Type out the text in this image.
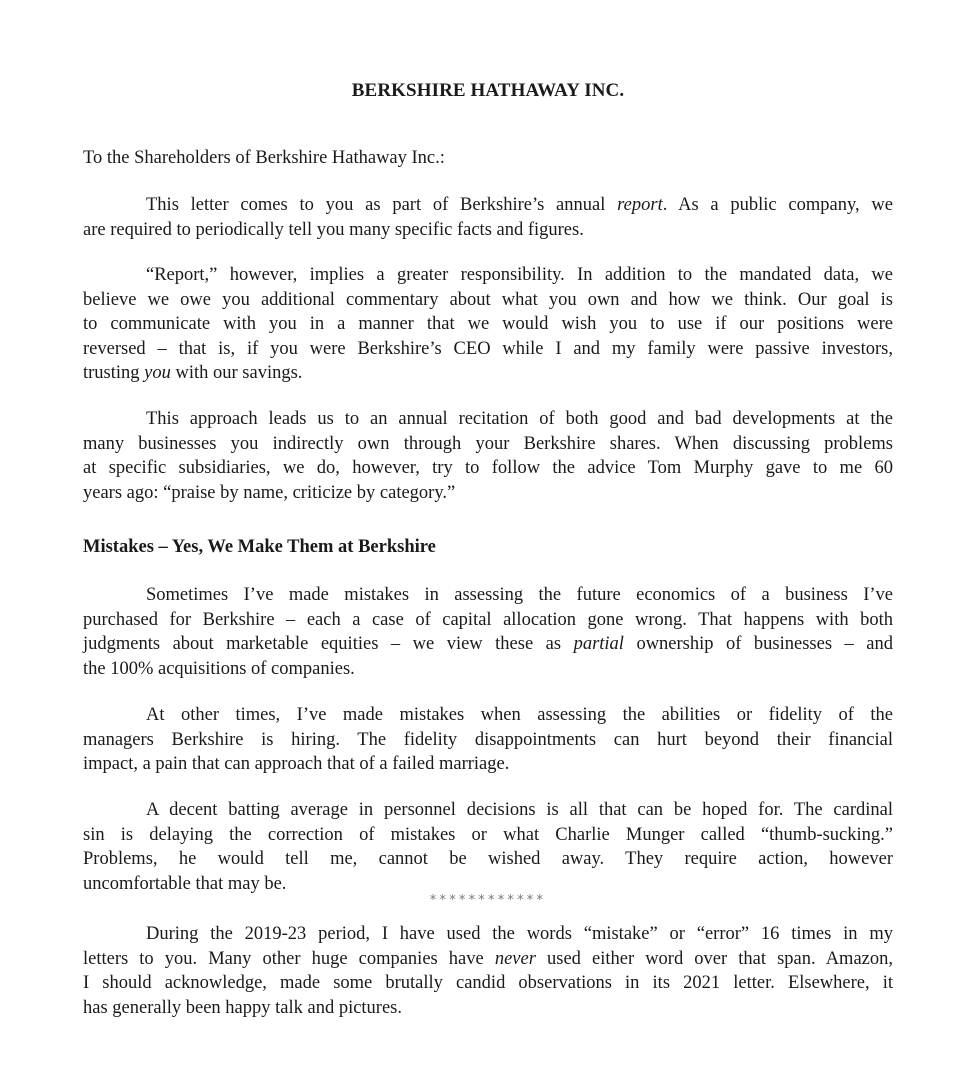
BERKSHIRE HATHAWAY INC.
To the Shareholders of Berkshire Hathaway Inc.:
This letter comes to you as part of Berkshire’s annual report. As a public company, we
are required to periodically tell you many specific facts and figures.
“Report,” however, implies a greater responsibility. In addition to the mandated data, we
believe we owe you additional commentary about what you own and how we think. Our goal is
to communicate with you in a manner that we would wish you to use if our positions were
reversed – that is, if you were Berkshire’s CEO while I and my family were passive investors,
trusting you with our savings.
This approach leads us to an annual recitation of both good and bad developments at the
many businesses you indirectly own through your Berkshire shares. When discussing problems
at specific subsidiaries, we do, however, try to follow the advice Tom Murphy gave to me 60
years ago: “praise by name, criticize by category.”
Mistakes – Yes, We Make Them at Berkshire
Sometimes I’ve made mistakes in assessing the future economics of a business I’ve
purchased for Berkshire – each a case of capital allocation gone wrong. That happens with both
judgments about marketable equities – we view these as partial ownership of businesses – and
the 100% acquisitions of companies.
At other times, I’ve made mistakes when assessing the abilities or fidelity of the
managers Berkshire is hiring. The fidelity disappointments can hurt beyond their financial
impact, a pain that can approach that of a failed marriage.
A decent batting average in personnel decisions is all that can be hoped for. The cardinal
sin is delaying the correction of mistakes or what Charlie Munger called “thumb-sucking.”
Problems, he would tell me, cannot be wished away. They require action, however
uncomfortable that may be.
************
During the 2019-23 period, I have used the words “mistake” or “error” 16 times in my
letters to you. Many other huge companies have never used either word over that span. Amazon,
I should acknowledge, made some brutally candid observations in its 2021 letter. Elsewhere, it
has generally been happy talk and pictures.
